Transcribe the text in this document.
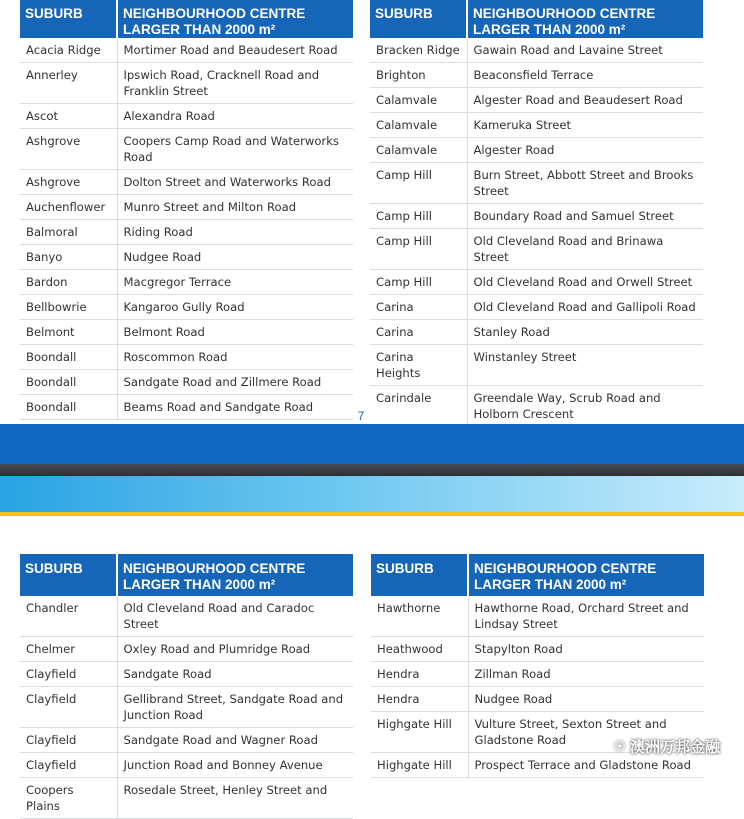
SUBURB	NEIGHBOURHOOD CENTRE
LARGER THAN 2000 m²
Acacia Ridge	Mortimer Road and Beaudesert Road
Annerley	Ipswich Road, Cracknell Road and Franklin Street
Ascot	Alexandra Road
Ashgrove	Coopers Camp Road and Waterworks Road
Ashgrove	Dolton Street and Waterworks Road
Auchenflower	Munro Street and Milton Road
Balmoral	Riding Road
Banyo	Nudgee Road
Bardon	Macgregor Terrace
Bellbowrie	Kangaroo Gully Road
Belmont	Belmont Road
Boondall	Roscommon Road
Boondall	Sandgate Road and Zillmere Road
Boondall	Beams Road and Sandgate Road
SUBURB	NEIGHBOURHOOD CENTRE
LARGER THAN 2000 m²
Bracken Ridge	Gawain Road and Lavaine Street
Brighton	Beaconsfield Terrace
Calamvale	Algester Road and Beaudesert Road
Calamvale	Kameruka Street
Calamvale	Algester Road
Camp Hill	Burn Street, Abbott Street and Brooks Street
Camp Hill	Boundary Road and Samuel Street
Camp Hill	Old Cleveland Road and Brinawa Street
Camp Hill	Old Cleveland Road and Orwell Street
Carina	Old Cleveland Road and Gallipoli Road
Carina	Stanley Road
Carina Heights	Winstanley Street
Carindale	Greendale Way, Scrub Road and Holborn Crescent

7
SUBURB	NEIGHBOURHOOD CENTRE
LARGER THAN 2000 m²
Chandler	Old Cleveland Road and Caradoc Street
Chelmer	Oxley Road and Plumridge Road
Clayfield	Sandgate Road
Clayfield	Gellibrand Street, Sandgate Road and Junction Road
Clayfield	Sandgate Road and Wagner Road
Clayfield	Junction Road and Bonney Avenue
Coopers Plains	Rosedale Street, Henley Street and
SUBURB	NEIGHBOURHOOD CENTRE
LARGER THAN 2000 m²
Hawthorne	Hawthorne Road, Orchard Street and Lindsay Street
Heathwood	Stapylton Road
Hendra	Zillman Road
Hendra	Nudgee Road
Highgate Hill	Vulture Street, Sexton Street and Gladstone Road
Highgate Hill	Prospect Terrace and Gladstone Road
☉ 澳洲万邦金融
